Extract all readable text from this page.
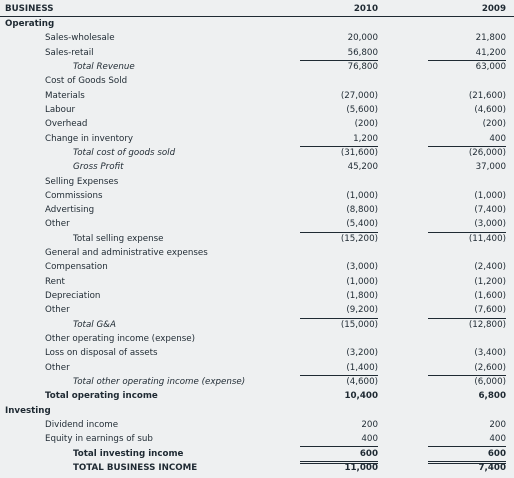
BUSINESS	2010	2009
Operating
Sales-wholesale	20,000	21,800
Sales-retail	56,800	41,200
Total Revenue	76,800	63,000
Cost of Goods Sold
Materials	(27,000)	(21,600)
Labour	(5,600)	(4,600)
Overhead	(200)	(200)
Change in inventory	1,200	400
Total cost of goods sold	(31,600)	(26,000)
Gross Profit	45,200	37,000
Selling Expenses
Commissions	(1,000)	(1,000)
Advertising	(8,800)	(7,400)
Other	(5,400)	(3,000)
Total selling expense	(15,200)	(11,400)
General and administrative expenses
Compensation	(3,000)	(2,400)
Rent	(1,000)	(1,200)
Depreciation	(1,800)	(1,600)
Other	(9,200)	(7,600)
Total G&A	(15,000)	(12,800)
Other operating income (expense)
Loss on disposal of assets	(3,200)	(3,400)
Other	(1,400)	(2,600)
Total other operating income (expense)	(4,600)	(6,000)
Total operating income	10,400	6,800
Investing
Dividend income	200	200
Equity in earnings of sub	400	400
Total investing income	600	600
TOTAL BUSINESS INCOME	11,000	7,400
